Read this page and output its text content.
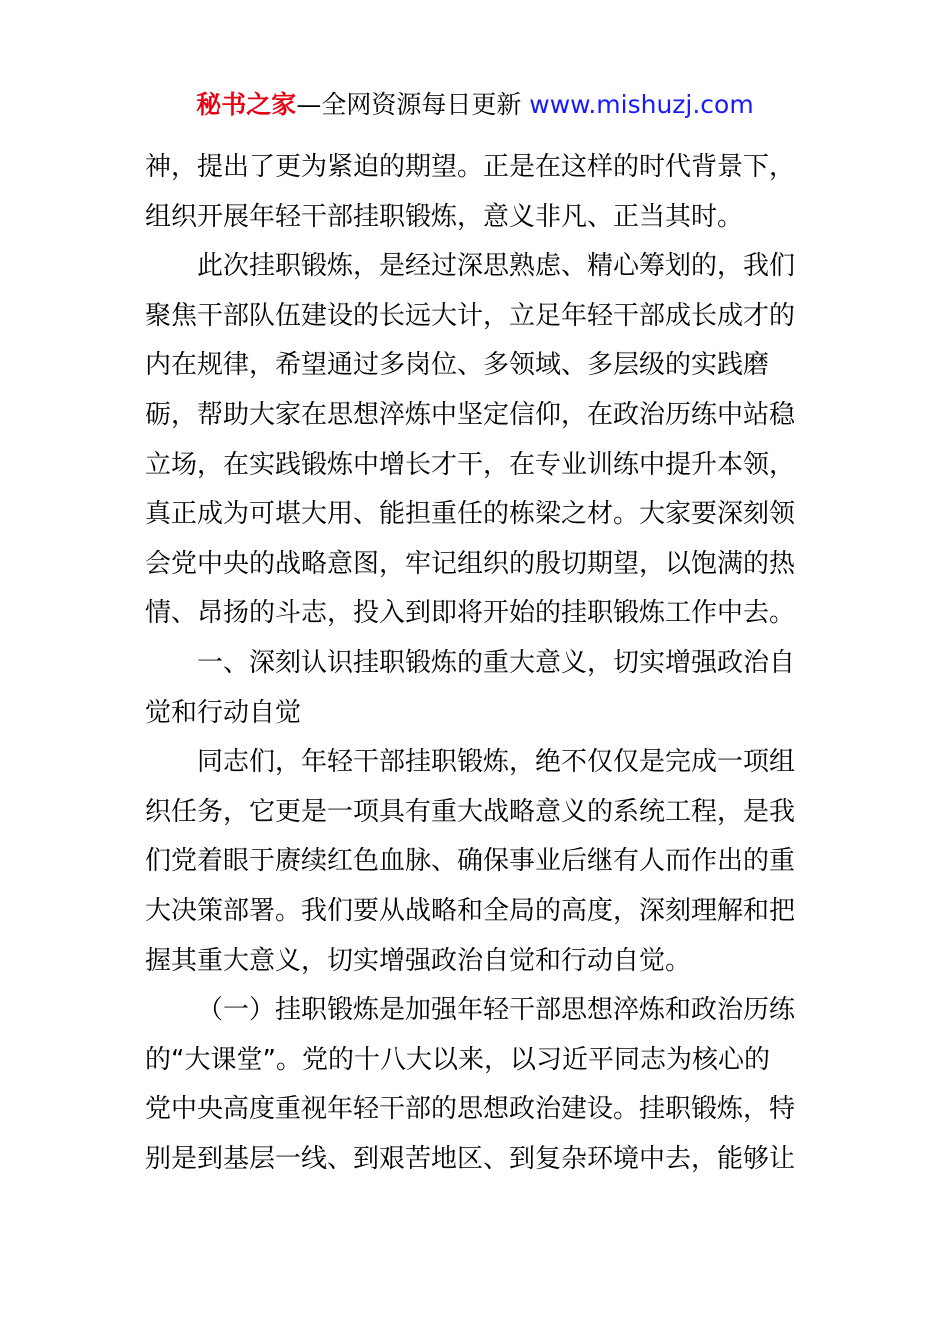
秘书之家—全网资源每日更新 www.mishuzj.com
神，提出了更为紧迫的期望。正是在这样的时代背景下，
组织开展年轻干部挂职锻炼，意义非凡、正当其时。
此次挂职锻炼，是经过深思熟虑、精心筹划的，我们
聚焦干部队伍建设的长远大计，立足年轻干部成长成才的
内在规律，希望通过多岗位、多领域、多层级的实践磨
砺，帮助大家在思想淬炼中坚定信仰，在政治历练中站稳
立场，在实践锻炼中增长才干，在专业训练中提升本领，
真正成为可堪大用、能担重任的栋梁之材。大家要深刻领
会党中央的战略意图，牢记组织的殷切期望，以饱满的热
情、昂扬的斗志，投入到即将开始的挂职锻炼工作中去。
一、深刻认识挂职锻炼的重大意义，切实增强政治自
觉和行动自觉
同志们，年轻干部挂职锻炼，绝不仅仅是完成一项组
织任务，它更是一项具有重大战略意义的系统工程，是我
们党着眼于赓续红色血脉、确保事业后继有人而作出的重
大决策部署。我们要从战略和全局的高度，深刻理解和把
握其重大意义，切实增强政治自觉和行动自觉。
（一）挂职锻炼是加强年轻干部思想淬炼和政治历练
的“大课堂”。党的十八大以来，以习近平同志为核心的
党中央高度重视年轻干部的思想政治建设。挂职锻炼，特
别是到基层一线、到艰苦地区、到复杂环境中去，能够让
